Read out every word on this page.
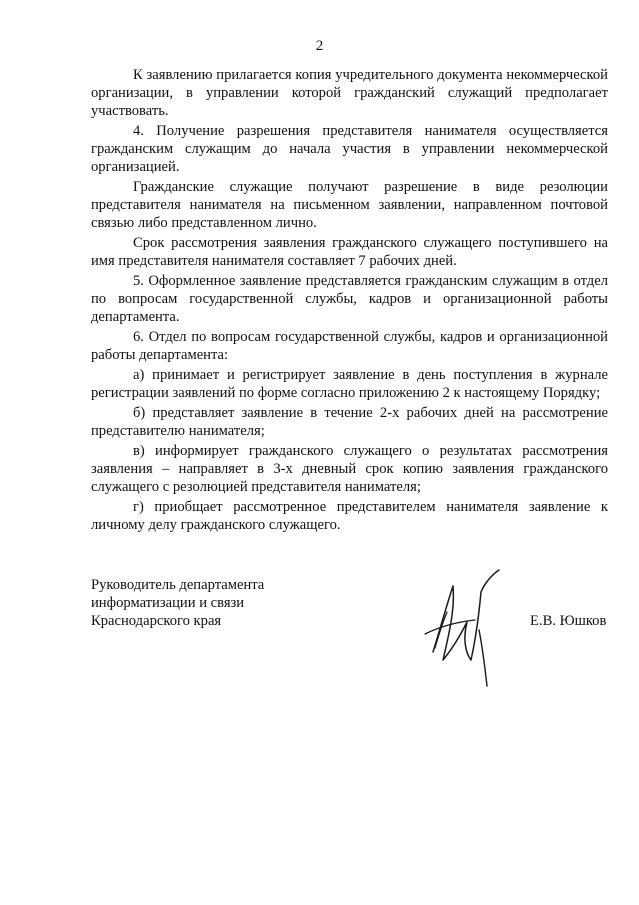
2

К заявлению прилагается копия учредительного документа некоммерческой организации, в управлении которой гражданский служащий предполагает участвовать.

4. Получение разрешения представителя нанимателя осуществляется гражданским служащим до начала участия в управлении некоммерческой организацией.

Гражданские служащие получают разрешение в виде резолюции представителя нанимателя на письменном заявлении, направленном почтовой связью либо представленном лично.

Срок рассмотрения заявления гражданского служащего поступившего на имя представителя нанимателя составляет 7 рабочих дней.

5. Оформленное заявление представляется гражданским служащим в отдел по вопросам государственной службы, кадров и организационной работы департамента.

6. Отдел по вопросам государственной службы, кадров и организационной работы департамента:

а) принимает и регистрирует заявление в день поступления в журнале регистрации заявлений по форме согласно приложению 2 к настоящему Порядку;

б) представляет заявление в течение 2-х рабочих дней на рассмотрение представителю нанимателя;

в) информирует гражданского служащего о результатах рассмотрения заявления – направляет в 3-х дневный срок копию заявления гражданского служащего с резолюцией представителя нанимателя;

г) приобщает рассмотренное представителем нанимателя заявление к личному делу гражданского служащего.

Руководитель департамента
информатизации и связи
Краснодарского края	Е.В. Юшков
